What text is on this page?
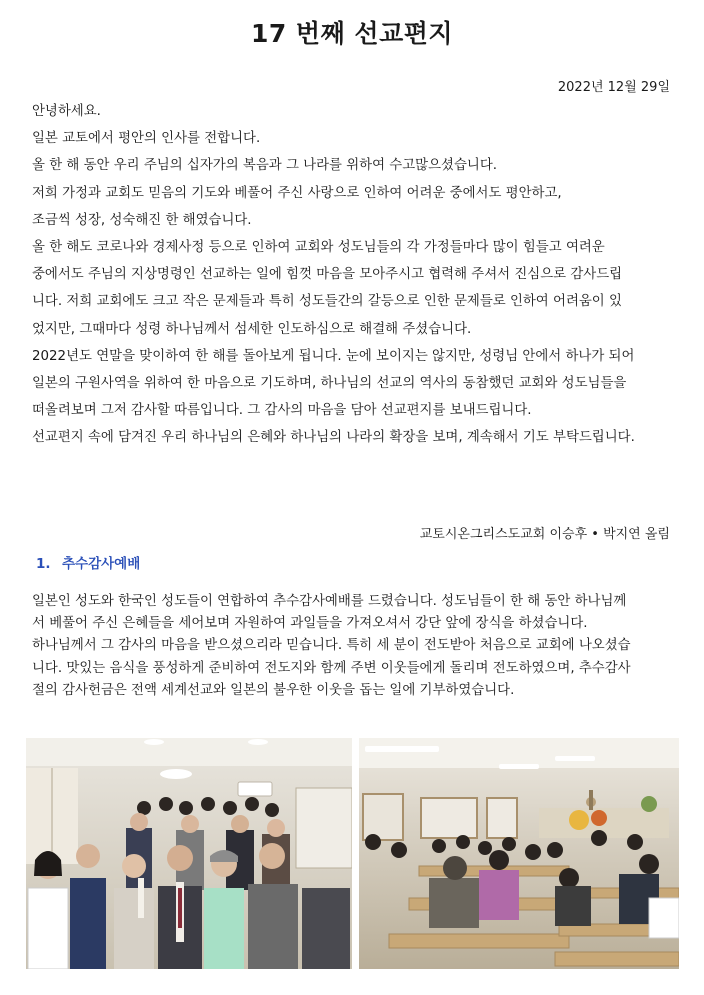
17 번째 선교편지
2022년 12월 29일

안녕하세요.

일본 교토에서 평안의 인사를 전합니다.

올 한 해 동안 우리 주님의 십자가의 복음과 그 나라를 위하여 수고많으셨습니다.

저희 가정과 교회도 믿음의 기도와 베풀어 주신 사랑으로 인하여 어려운 중에서도 평안하고,

조금씩 성장, 성숙해진 한 해였습니다.

올 한 해도 코로나와 경제사정 등으로 인하여 교회와 성도님들의 각 가정들마다 많이 힘들고 여려운

중에서도 주님의 지상명령인 선교하는 일에 힘껏 마음을 모아주시고 협력해 주셔서 진심으로 감사드립

니다. 저희 교회에도 크고 작은 문제들과 특히 성도들간의 갈등으로 인한 문제들로 인하여 어려움이 있

었지만, 그때마다 성령 하나님께서 섬세한 인도하심으로 해결해 주셨습니다.

2022년도 연말을 맞이하여 한 해를 돌아보게 됩니다. 눈에 보이지는 않지만, 성령님 안에서 하나가 되어

일본의 구원사역을 위하여 한 마음으로 기도하며, 하나님의 선교의 역사의 동참했던 교회와 성도님들을

떠올려보며 그저 감사할 따름입니다. 그 감사의 마음을 담아 선교편지를 보내드립니다.

선교편지 속에 담겨진 우리 하나님의 은혜와 하나님의 나라의 확장을 보며, 계속해서 기도 부탁드립니다.

교토시온그리스도교회 이승후 • 박지연 올림
1. 추수감사예배

일본인 성도와 한국인 성도들이 연합하여 추수감사예배를 드렸습니다. 성도님들이 한 해 동안 하나님께

서 베풀어 주신 은혜들을 세어보며 자원하여 과일들을 가져오셔서 강단 앞에 장식을 하셨습니다.

하나님께서 그 감사의 마음을 받으셨으리라 믿습니다. 특히 세 분이 전도받아 처음으로 교회에 나오셨습

니다. 맛있는 음식을 풍성하게 준비하여 전도지와 함께 주변 이웃들에게 돌리며 전도하였으며, 추수감사

절의 감사헌금은 전액 세계선교와 일본의 불우한 이웃을 돕는 일에 기부하였습니다.
